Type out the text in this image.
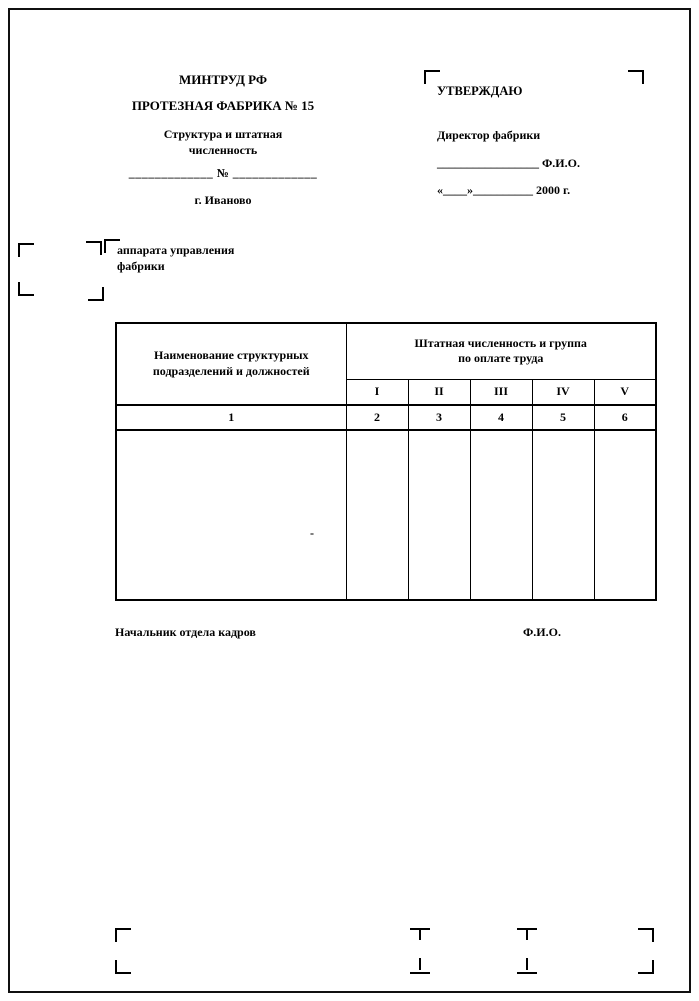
МИНТРУД РФ
ПРОТЕЗНАЯ ФАБРИКА № 15
Структура и штатная
численность
_____________ № _____________
г. Иваново
УТВЕРЖДАЮ
Директор фабрики
_________________ Ф.И.О.
«____»__________ 2000 г.
аппарата управления
фабрики
Наименование структурных
подразделений и должностей

Штатная численность и группа
по оплате труда

	I	II	III	IV	V
1	2	3	4	5	6

-					

Начальник отдела кадров	Ф.И.О.
